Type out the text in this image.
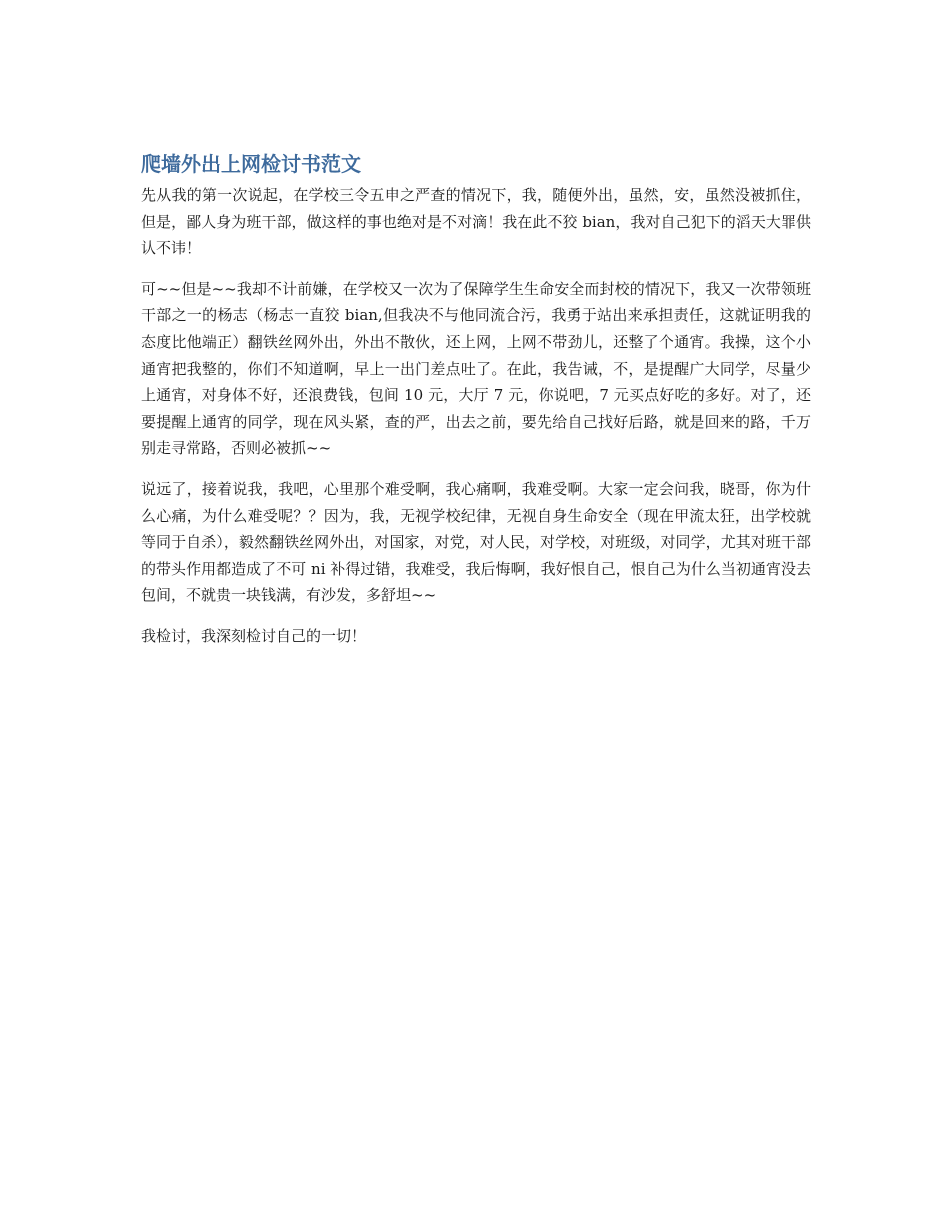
爬墙外出上网检讨书范文

先从我的第一次说起，在学校三令五申之严查的情况下，我，随便外出，虽然，安，虽然没被抓住，但是，鄙人身为班干部，做这样的事也绝对是不对滴！我在此不狡 bian，我对自己犯下的滔天大罪供认不讳！

可~~但是~~我却不计前嫌，在学校又一次为了保障学生生命安全而封校的情况下，我又一次带领班干部之一的杨志（杨志一直狡 bian,但我决不与他同流合污，我勇于站出来承担责任，这就证明我的态度比他端正）翻铁丝网外出，外出不散伙，还上网，上网不带劲儿，还整了个通宵。我操，这个小通宵把我整的，你们不知道啊，早上一出门差点吐了。在此，我告诫，不，是提醒广大同学，尽量少上通宵，对身体不好，还浪费钱，包间 10 元，大厅 7 元，你说吧，7 元买点好吃的多好。对了，还要提醒上通宵的同学，现在风头紧，查的严，出去之前，要先给自己找好后路，就是回来的路，千万别走寻常路，否则必被抓~~

说远了，接着说我，我吧，心里那个难受啊，我心痛啊，我难受啊。大家一定会问我，晓哥，你为什么心痛，为什么难受呢？？因为，我，无视学校纪律，无视自身生命安全（现在甲流太狂，出学校就等同于自杀），毅然翻铁丝网外出，对国家，对党，对人民，对学校，对班级，对同学，尤其对班干部的带头作用都造成了不可 ni 补得过错，我难受，我后悔啊，我好恨自己，恨自己为什么当初通宵没去包间，不就贵一块钱满，有沙发，多舒坦~~

我检讨，我深刻检讨自己的一切！
